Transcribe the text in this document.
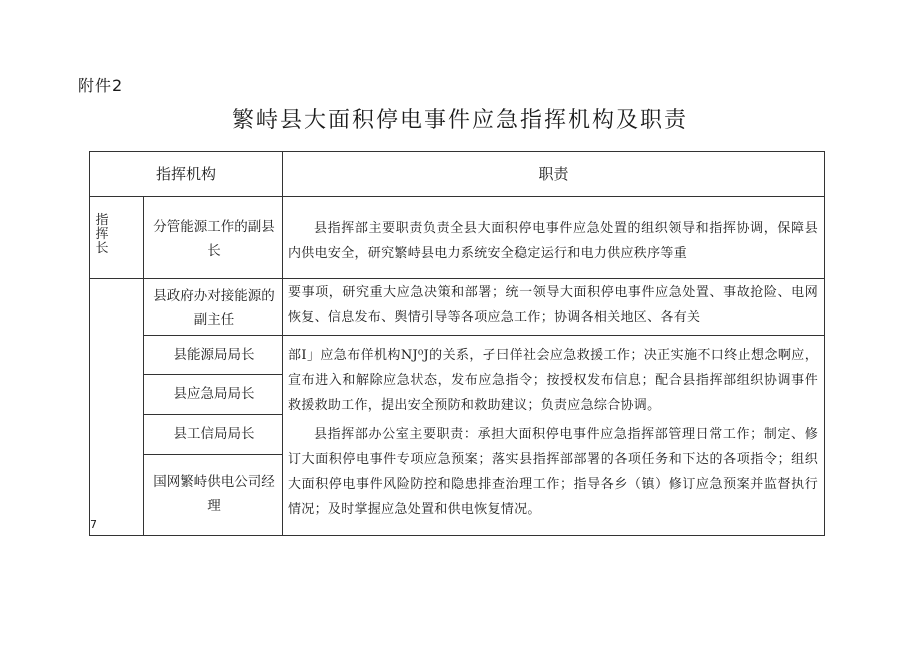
附件2
繁峙县大面积停电事件应急指挥机构及职责
指挥机构	职责
指挥长
7
分管能源工作的副县长
县政府办对接能源的副主任
县能源局局长
县应急局局长
县工信局局长
国网繁峙供电公司经理
县指挥部主要职责负责全县大面积停电事件应急处置的组织领导和指挥协调，保障县内供电安全，研究繁峙县电力系统安全稳定运行和电力供应秩序等重
要事项，研究重大应急决策和部署；统一领导大面积停电事件应急处置、事故抢险、电网恢复、信息发布、舆情引导等各项应急工作；协调各相关地区、各有关
部I」应急布佯机构NJ⁰J的关系，孑曰佯社会应急救援工作；决正实施不口终止想念啊应，宣布进入和解除应急状态，发布应急指令；按授权发布信息；配合县指挥部组织协调事件救援救助工作，提出安全预防和救助建议；负责应急综合协调。
县指挥部办公室主要职责：承担大面积停电事件应急指挥部管理日常工作；制定、修订大面积停电事件专项应急预案；落实县指挥部部署的各项任务和下达的各项指令；组织大面积停电事件风险防控和隐患排查治理工作；指导各乡（镇）修订应急预案并监督执行情况；及时掌握应急处置和供电恢复情况。
